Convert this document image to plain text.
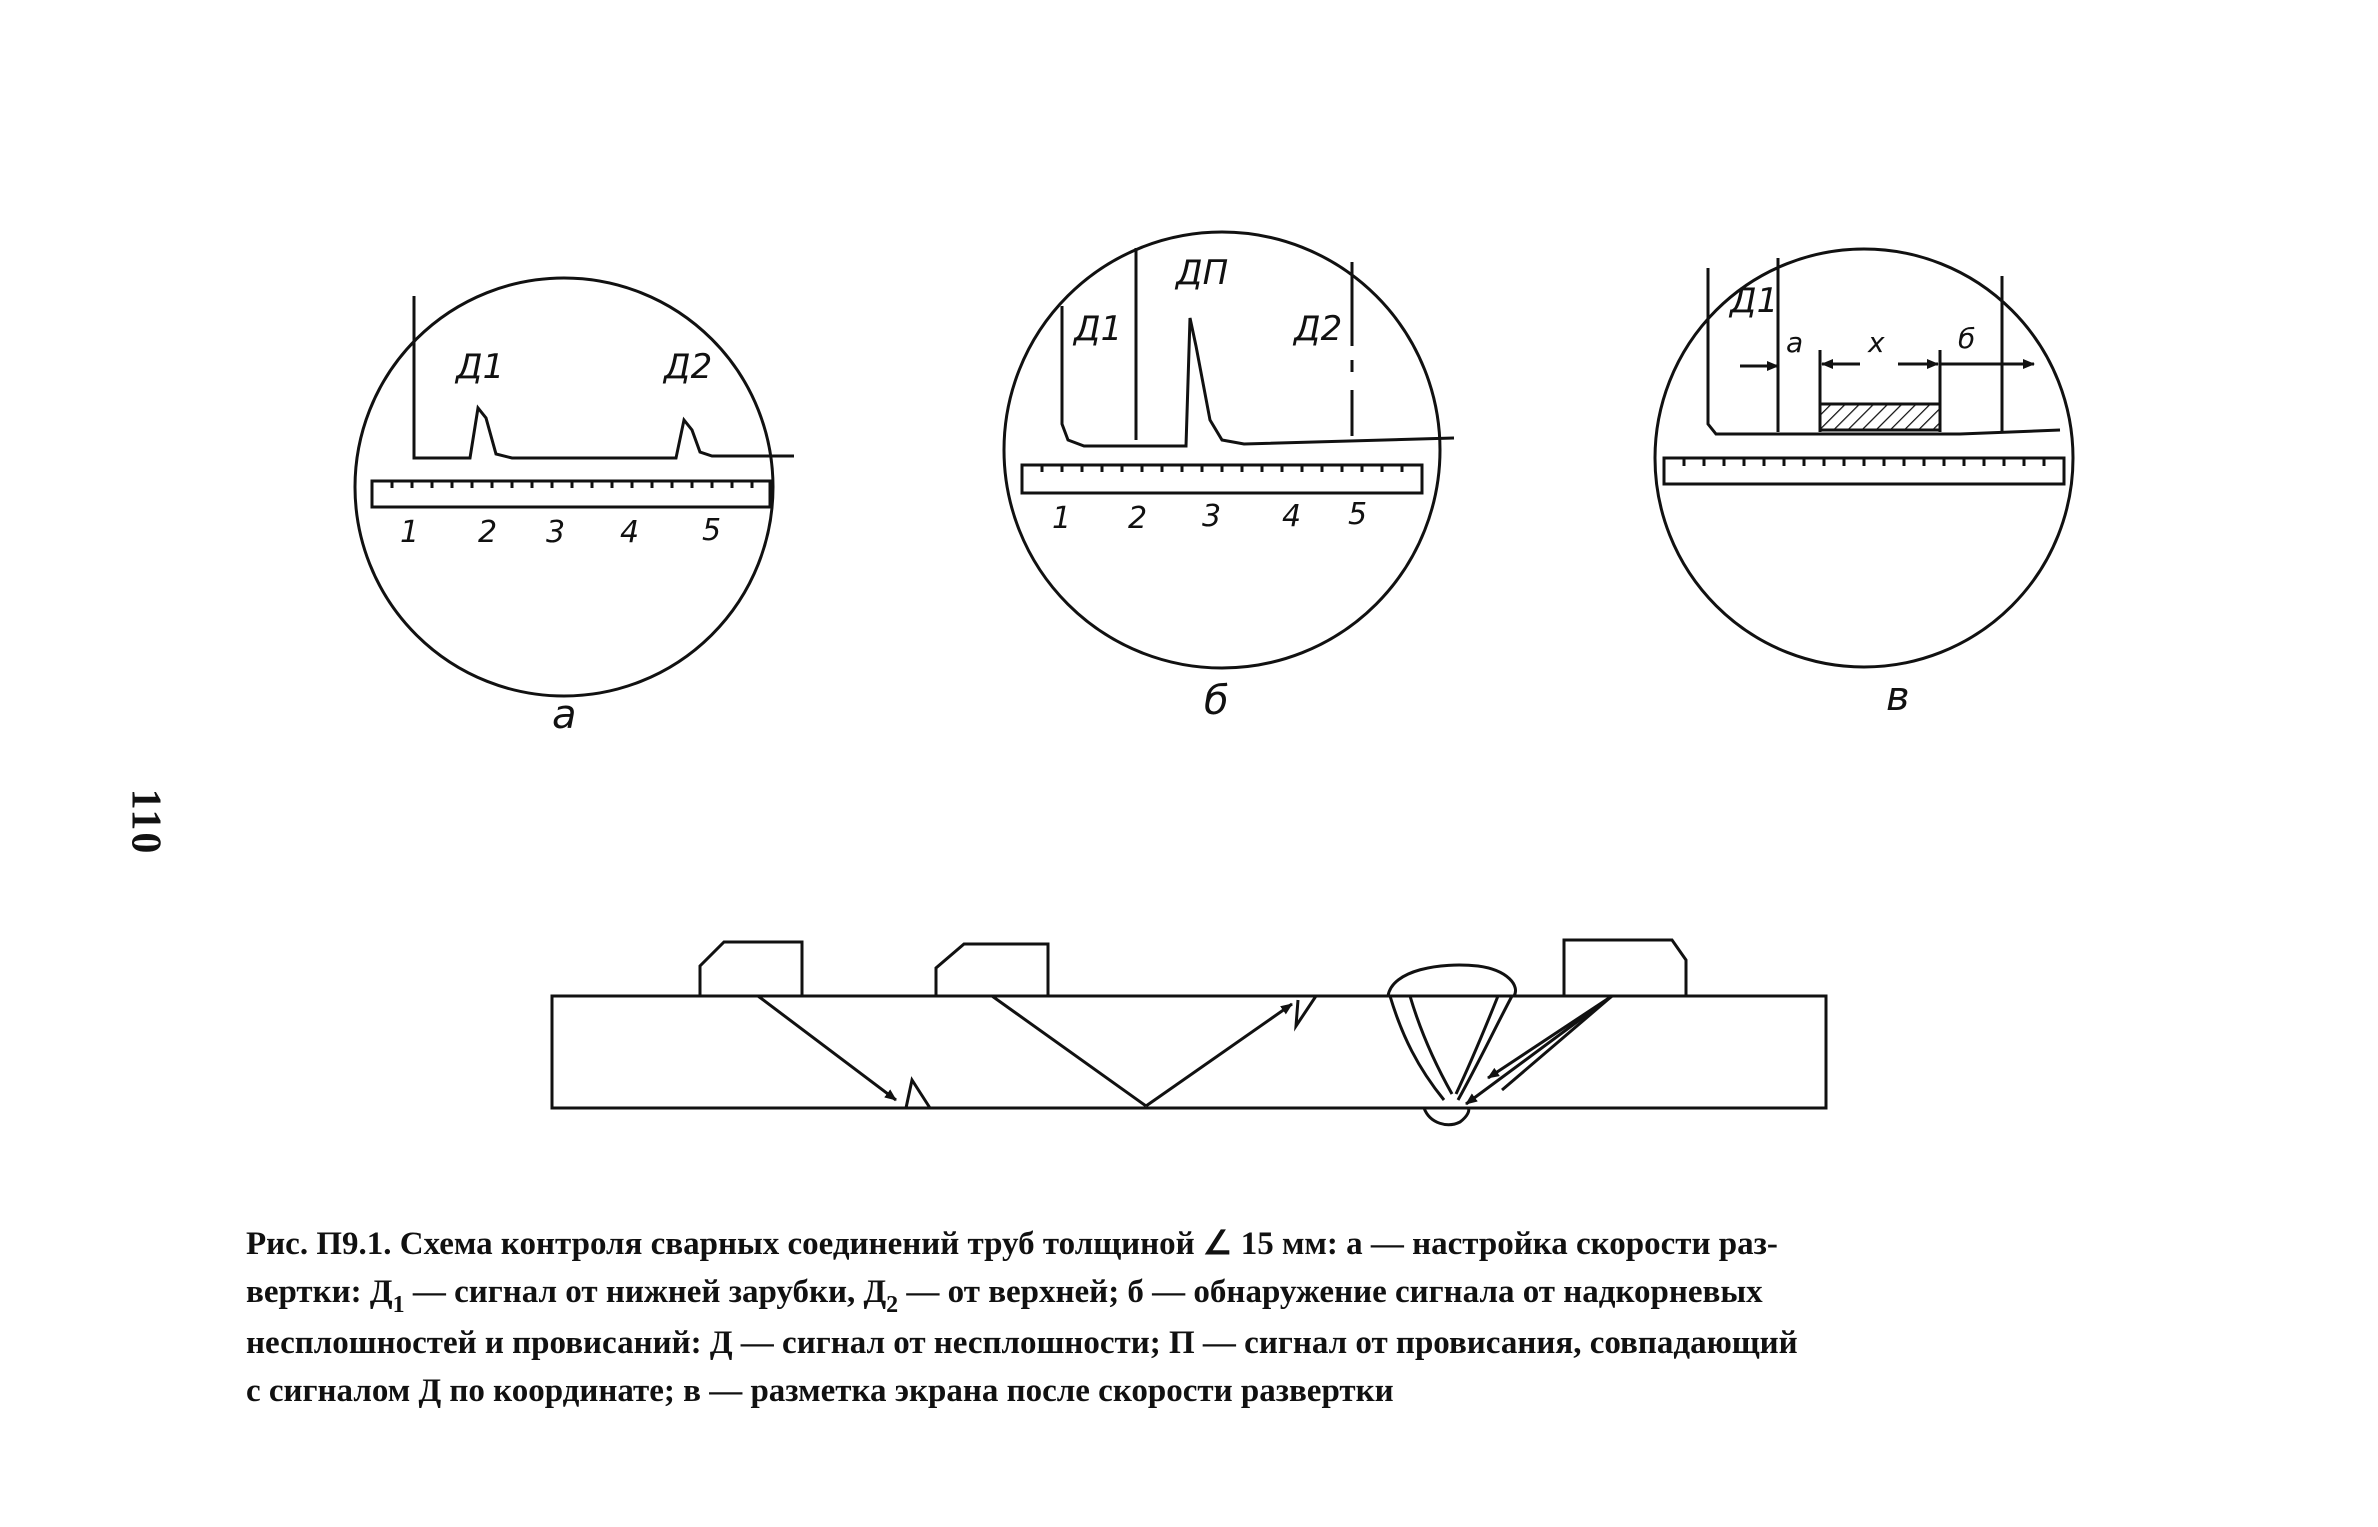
Д1	Д2
1 2 3 4 5
а
Д1
ДП
Д2
1 2 3 4 5
б
Д1
а х	б
в
110

Рис. П9.1. Схема контроля сварных соединений труб толщиной ∠ 15 мм: а — настройка скорости раз-

вертки: $Д_1$ — сигнал от нижней зарубки, $Д_2$ — от верхней; б — обнаружение сигнала от надкорневых

несплошностей и провисаний: Д — сигнал от несплошности; П — сигнал от провисания, совпадающий

с сигналом Д по координате; в — разметка экрана после скорости развертки
